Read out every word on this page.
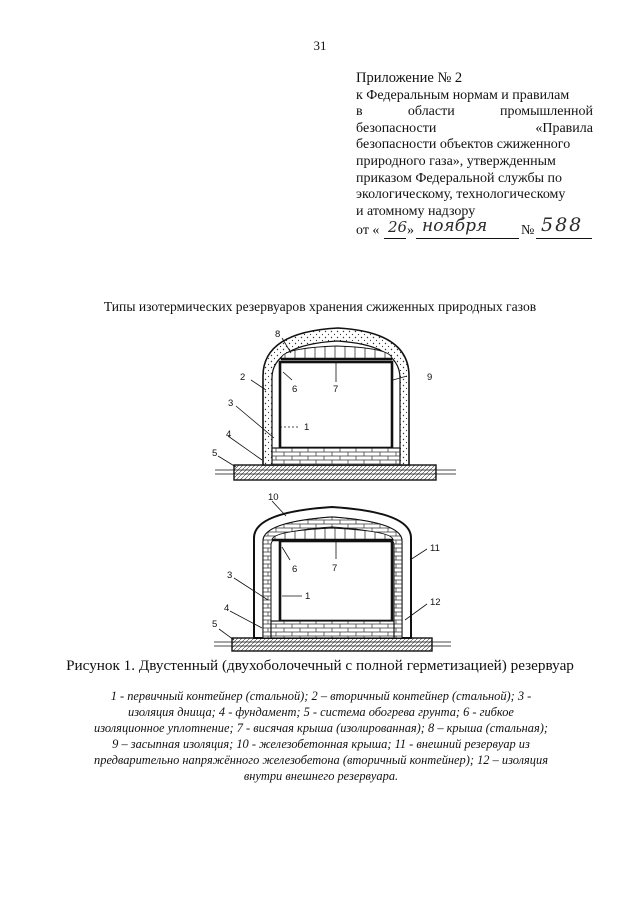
31
Приложение № 2
к Федеральным нормам и правилам
в	области	промышленной
безопасности	«Правила
безопасности объектов сжиженного
природного газа», утвержденным
приказом Федеральной службы по
экологическому, технологическому
и атомному надзору
от « 26 » ноября № 588
Типы изотермических резервуаров хранения сжиженных природных газов
8
2
3
4
5
6	7
1
9
10
3
4
5
6	7
1
11
12
Рисунок 1. Двустенный (двухоболочечный с полной герметизацией) резервуар
1 - первичный контейнер (стальной); 2 – вторичный контейнер (стальной); 3 - изоляция днища; 4 - фундамент; 5 - система обогрева грунта; 6 - гибкое изоляционное уплотнение; 7 - висячая крыша (изолированная); 8 – крыша (стальная); 9 – засыпная изоляция; 10 - железобетонная крыша; 11 - внешний резервуар из предварительно напряжённого железобетона (вторичный контейнер); 12 – изоляция внутри внешнего резервуара.
